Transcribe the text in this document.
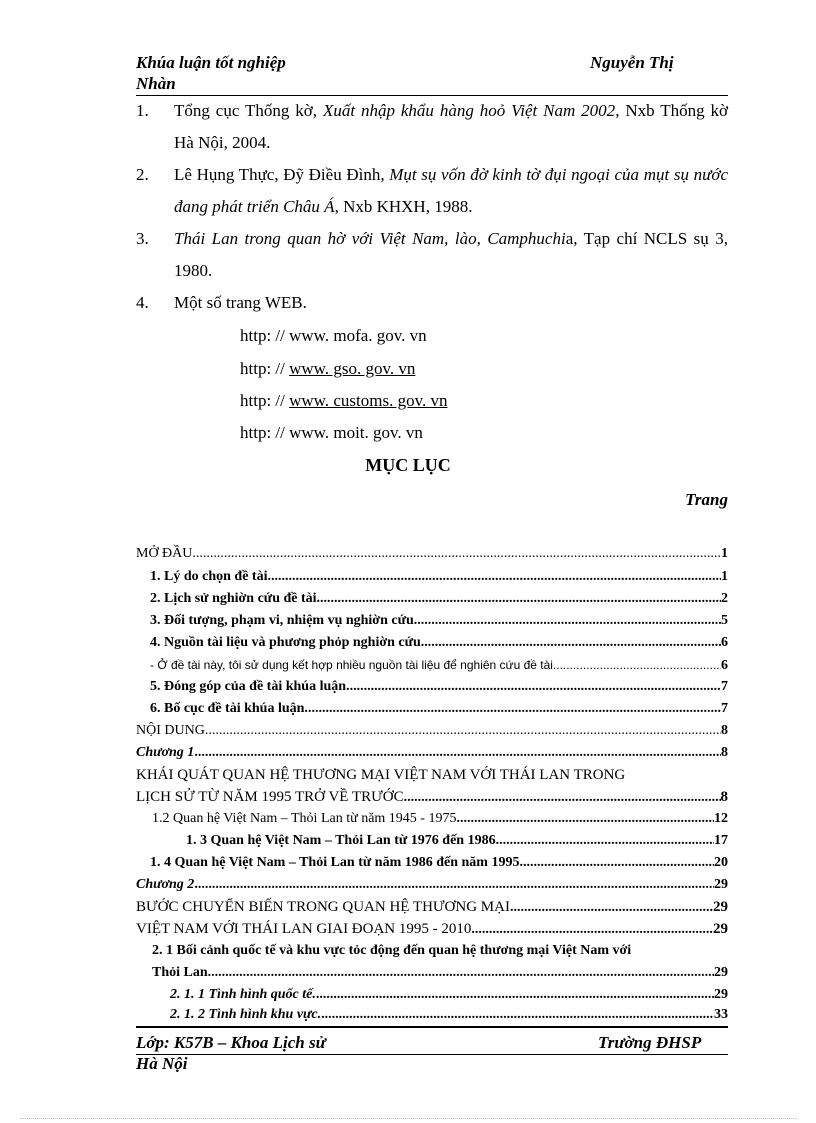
Khúa luận tốt nghiệp	Nguyễn Thị
Nhàn
1. Tổng cục Thống kờ, Xuất nhập khẩu hàng hoỏ Việt Nam 2002, Nxb Thống kờ Hà Nội, 2004.
2. Lê Hụng Thực, Đỹ Điều Đình, Mụt sụ vốn đờ kinh tờ đụi ngoại của mụt sụ nước đang phát triển Châu Á, Nxb KHXH, 1988.
3. Thái Lan trong quan hờ với Việt Nam, lào, Camphuchia, Tạp chí NCLS sụ 3, 1980.
4. Một số trang WEB.
http: // www. mofa. gov. vn
http: // www. gso. gov. vn
http: // www. customs. gov. vn
http: // www. moit. gov. vn
MỤC LỤC
Trang
MỞ ĐẦU .....	1
1. Lý do chọn đề tài .....	1
2. Lịch sử nghiờn cứu đề tài .....	2
3. Đối tượng, phạm vi, nhiệm vụ nghiờn cứu. .....	5
4. Nguồn tài liệu và phương phỏp nghiờn cứu .....	6
- Ở đề tài này, tôi sử dụng kết hợp nhiều nguồn tài liệu để nghiên cứu đề tài. .....	6
5. Đóng góp của đề tài khúa luận .....	7
6. Bố cục đề tài khúa luận. .....	7
NỘI DUNG .....	8
Chương 1 .....	8
KHÁI QUÁT QUAN HỆ THƯƠNG MẠI VIỆT NAM VỚI THÁI LAN TRONG
LỊCH SỬ TỪ NĂM 1995 TRỞ VỀ TRƯỚC .....	8
1.2 Quan hệ Việt Nam – Thỏi Lan từ năm 1945 - 1975 .....	12
1. 3 Quan hệ Việt Nam – Thỏi Lan từ 1976 đến 1986 .....	17
1. 4 Quan hệ Việt Nam – Thỏi Lan từ năm 1986 đến năm 1995 .....	20
Chương 2 .....	29
BƯỚC CHUYỂN BIẾN TRONG QUAN HỆ THƯƠNG MẠI .....	29
VIỆT NAM VỚI THÁI LAN GIAI ĐOẠN 1995 - 2010 .....	29
2. 1 Bối cảnh quốc tế và khu vực tỏc động đến quan hệ thương mại Việt Nam với
Thỏi Lan. .....	29
2. 1. 1 Tình hình quốc tế. .....	29
2. 1. 2 Tình hình khu vực. .....	33
Lớp: K57B – Khoa Lịch sử	Trường ĐHSP
Hà Nội
